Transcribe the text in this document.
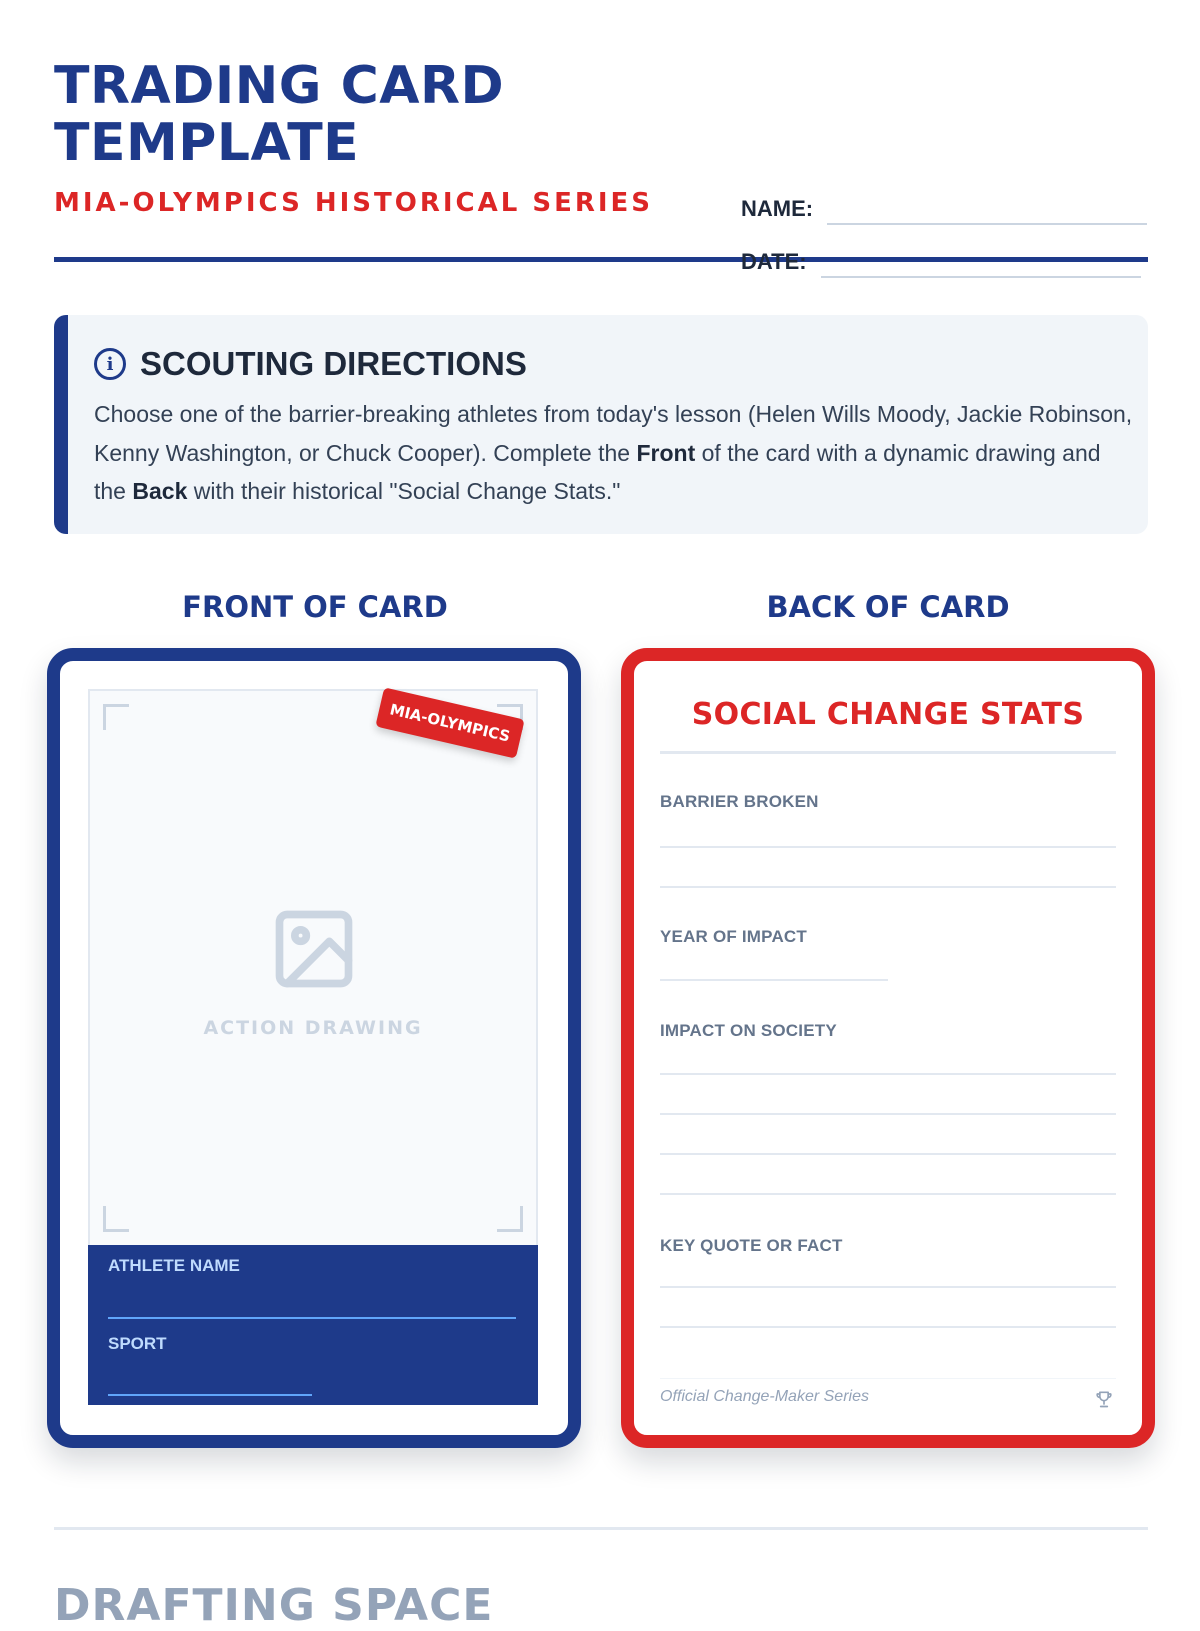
TRADING CARD
TEMPLATE
MIA-OLYMPICS HISTORICAL SERIES	NAME:
DATE:
i SCOUTING DIRECTIONS
Choose one of the barrier-breaking athletes from today's lesson (Helen Wills Moody, Jackie Robinson, Kenny Washington, or Chuck Cooper). Complete the Front of the card with a dynamic drawing and the Back with their historical "Social Change Stats."
FRONT OF CARD	BACK OF CARD
MIA-OLYMPICS
ACTION DRAWING
ATHLETE NAME
SPORT
SOCIAL CHANGE STATS
BARRIER BROKEN
YEAR OF IMPACT
IMPACT ON SOCIETY
KEY QUOTE OR FACT
Official Change-Maker Series
DRAFTING SPACE
